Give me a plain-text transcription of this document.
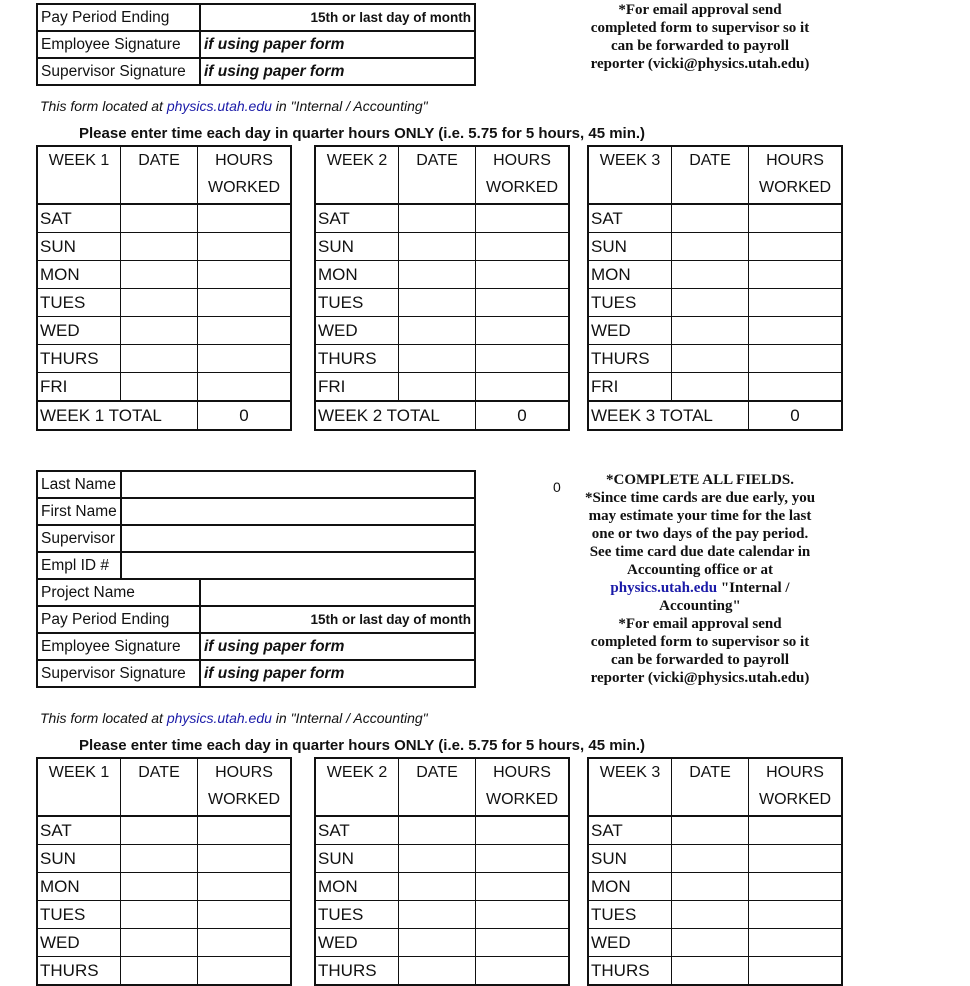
Pay Period Ending	15th or last day of month
Employee Signature	if using paper form
Supervisor Signature	if using paper form
*For email approval send
completed form to supervisor so it
can be forwarded to payroll
reporter (vicki@physics.utah.edu)
This form located at physics.utah.edu in "Internal / Accounting"
Please enter time each day in quarter hours ONLY (i.e. 5.75 for 5 hours, 45 min.)
WEEK 1	DATE	HOURS
WORKED
SAT		
SUN		
MON		
TUES		
WED		
THURS		
FRI		
WEEK 1 TOTAL		0
WEEK 2	DATE	HOURS
WORKED
SAT		
SUN		
MON		
TUES		
WED		
THURS		
FRI		
WEEK 2 TOTAL		0
WEEK 3	DATE	HOURS
WORKED
SAT		
SUN		
MON		
TUES		
WED		
THURS		
FRI		
WEEK 3 TOTAL		0
Last Name		
First Name		
Supervisor		
Empl ID #		
Project Name		
Pay Period Ending		15th or last day of month
Employee Signature		if using paper form
Supervisor Signature		if using paper form
0	*COMPLETE ALL FIELDS.
*Since time cards are due early, you
may estimate your time for the last
one or two days of the pay period.
See time card due date calendar in
Accounting office or at
physics.utah.edu "Internal /
Accounting"
*For email approval send
completed form to supervisor so it
can be forwarded to payroll
reporter (vicki@physics.utah.edu)
This form located at physics.utah.edu in "Internal / Accounting"
Please enter time each day in quarter hours ONLY (i.e. 5.75 for 5 hours, 45 min.)
WEEK 1	DATE	HOURS
WORKED
SAT		
SUN		
MON		
TUES		
WED		
THURS		
WEEK 2	DATE	HOURS
WORKED
SAT		
SUN		
MON		
TUES		
WED		
THURS		
WEEK 3	DATE	HOURS
WORKED
SAT		
SUN		
MON		
TUES		
WED		
THURS		
